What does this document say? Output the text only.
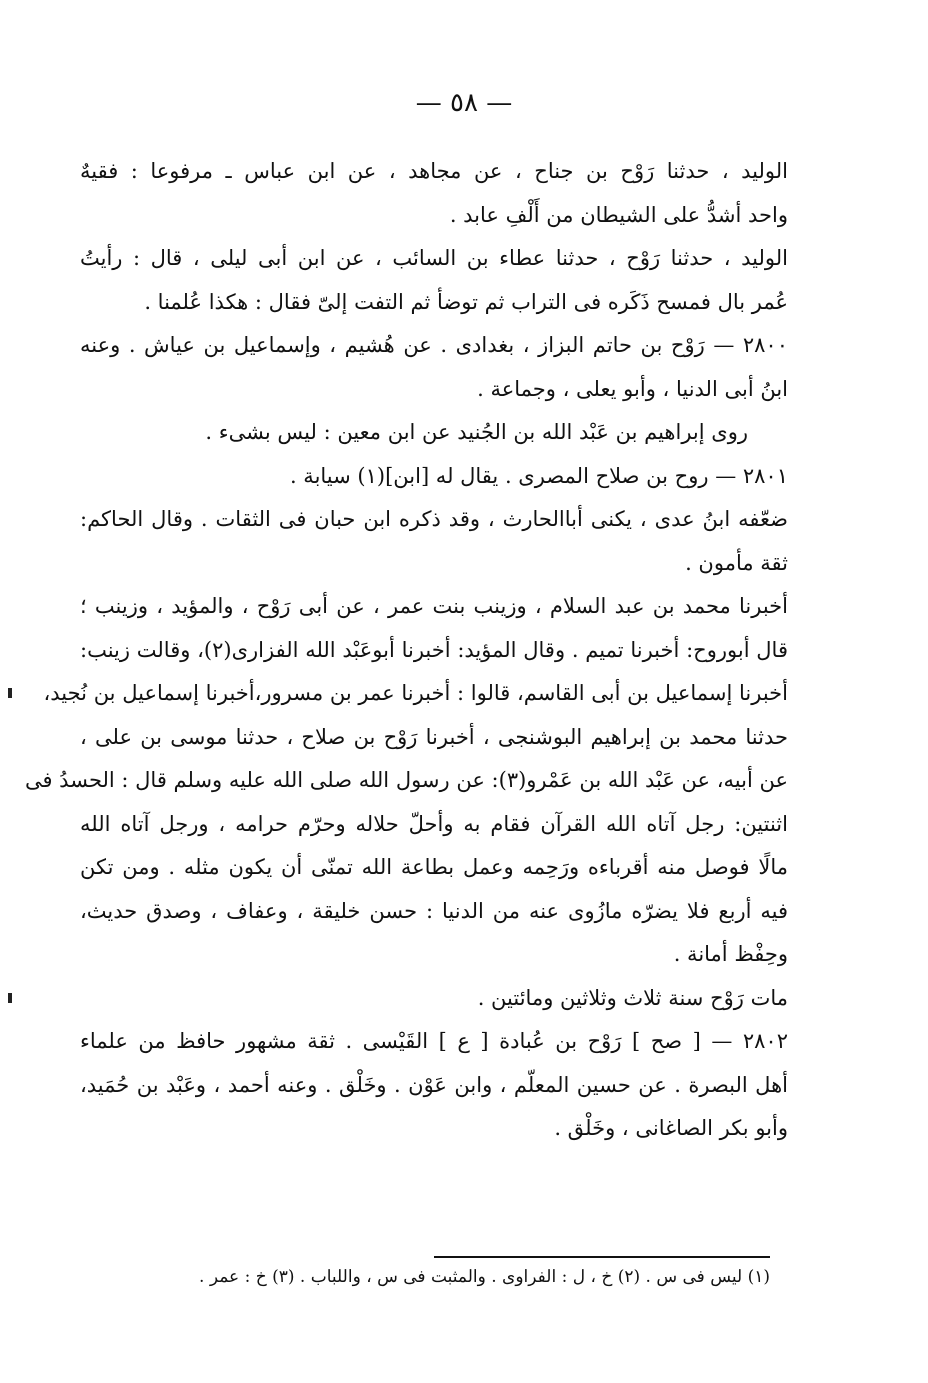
— ٥٨ —
الوليد ، حدثنا رَوْح بن جناح ، عن مجاهد ، عن ابن عباس ـ مرفوعا : فقيهٌ
واحد أشدُّ على الشيطان من أَلْفِ عابد .
الوليد ، حدثنا رَوْح ، حدثنا عطاء بن السائب ، عن ابن أبى ليلى ، قال : رأيتُ
عُمر بال فمسح ذَكَره فى التراب ثم توضأ ثم التفت إلىّ فقال : هكذا عُلمنا .
٢٨٠٠ — رَوْح بن حاتم البزاز ، بغدادى . عن هُشيم ، وإسماعيل بن عياش . وعنه
ابنُ أبى الدنيا ، وأبو يعلى ، وجماعة .
روى إبراهيم بن عَبْد الله بن الجُنيد عن ابن معين : ليس بشىء .
٢٨٠١ — روح بن صلاح المصرى . يقال له [ابن](١) سيابة .
ضعّفه ابنُ عدى ، يكنى أباالحارث ، وقد ذكره ابن حبان فى الثقات . وقال الحاكم:
ثقة مأمون .
أخبرنا محمد بن عبد السلام ، وزينب بنت عمر ، عن أبى رَوْح ، والمؤيد ، وزينب ؛
قال أبوروح: أخبرنا تميم . وقال المؤيد: أخبرنا أبوعَبْد الله الفزارى(٢)، وقالت زينب:
أخبرنا إسماعيل بن أبى القاسم، قالوا : أخبرنا عمر بن مسرور،أخبرنا إسماعيل بن نُجيد،
حدثنا محمد بن إبراهيم البوشنجى ، أخبرنا رَوْح بن صلاح ، حدثنا موسى بن على ،
عن أبيه، عن عَبْد الله بن عَمْرو(٣): عن رسول الله صلى الله عليه وسلم قال : الحسدُ فى
اثنتين: رجل آتاه الله القرآن فقام به وأحلّ حلاله وحرّم حرامه ، ورجل آتاه الله
مالًا فوصل منه أقرباءه ورَحِمه وعمل بطاعة الله تمنّى أن يكون مثله . ومن تكن
فيه أربع فلا يضرّه مازُوى عنه من الدنيا : حسن خليقة ، وعفاف ، وصدق حديث،
وحِفْظ أمانة .
مات رَوْح سنة ثلاث وثلاثين ومائتين .
٢٨٠٢ — [ صح ] رَوْح بن عُبادة [ ع ] القَيْسى . ثقة مشهور حافظ من علماء
أهل البصرة . عن حسين المعلّم ، وابن عَوْن . وخَلْق . وعنه أحمد ، وعَبْد بن حُمَيد،
وأبو بكر الصاغانى ، وخَلْق .
(١) ليس فى س . (٢) خ ، ل : الفراوى . والمثبت فى س ، واللباب . (٣) خ : عمر .
